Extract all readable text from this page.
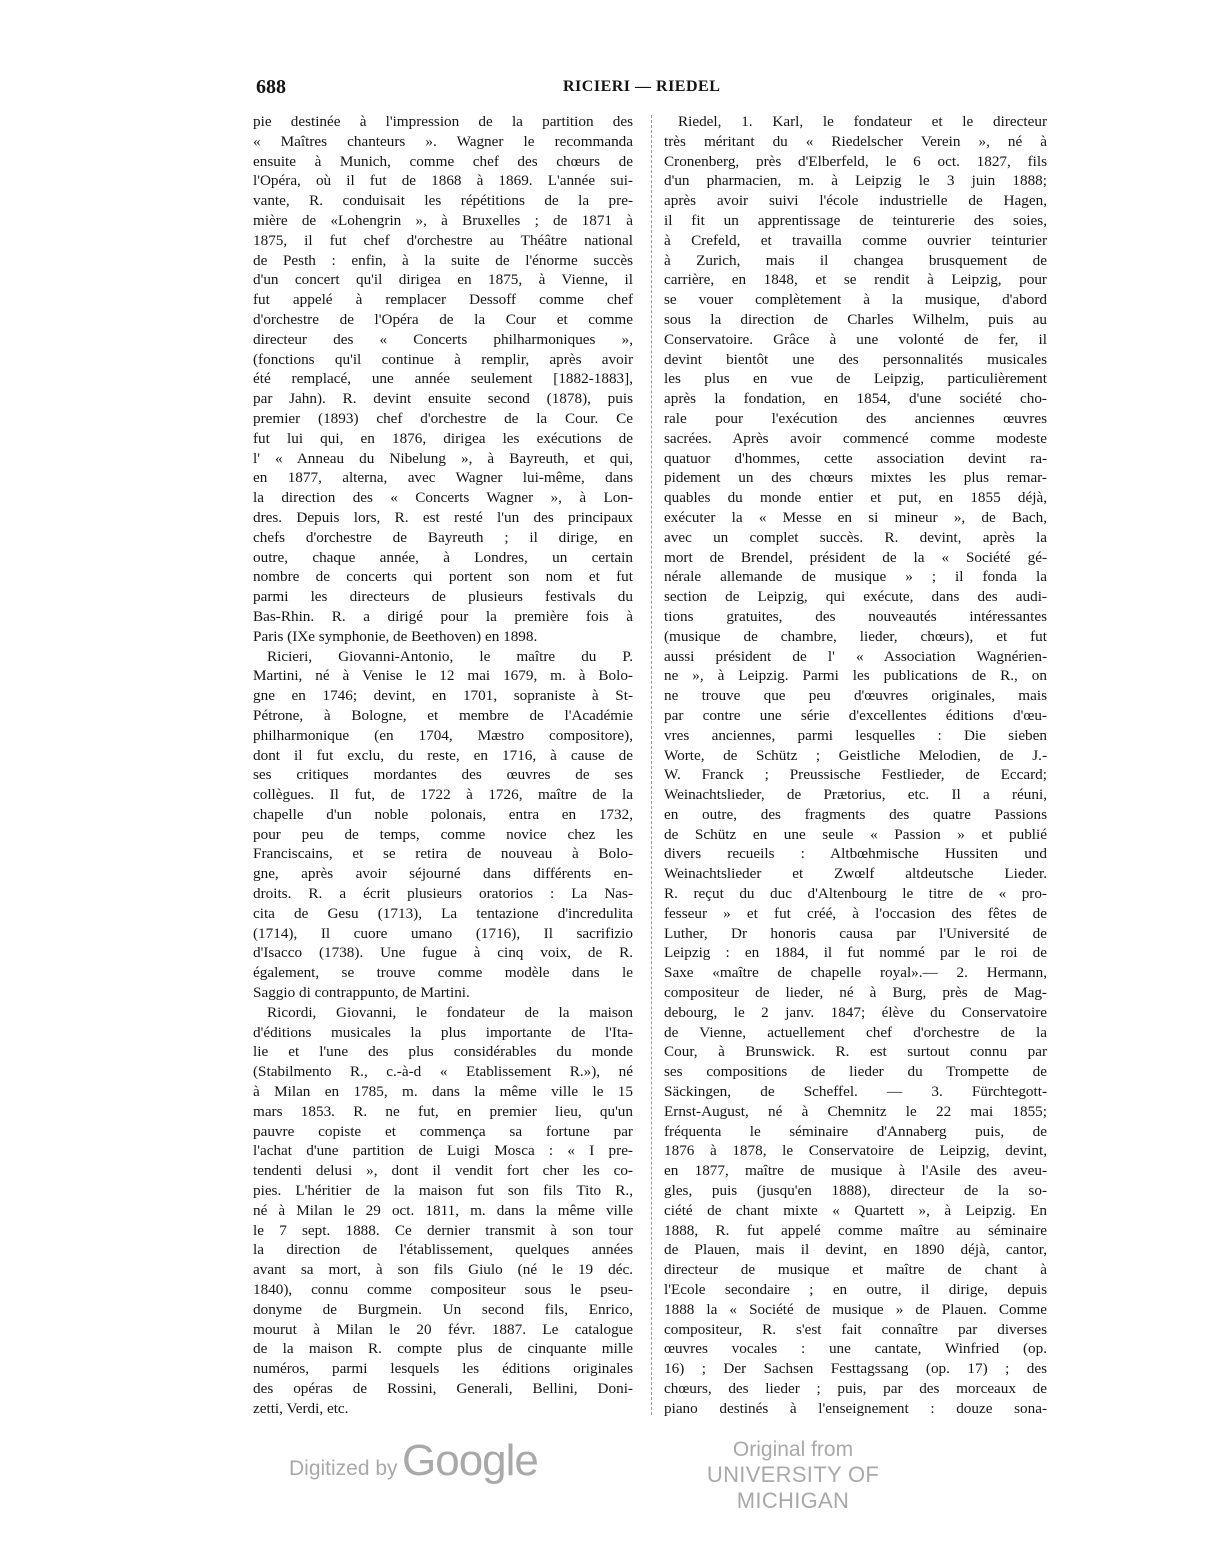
688	RICIERI — RIEDEL
pie destinée à l'impression de la partition des
« Maîtres chanteurs ». Wagner le recommanda
ensuite à Munich, comme chef des chœurs de
l'Opéra, où il fut de 1868 à 1869. L'année sui-
vante, R. conduisait les répétitions de la pre-
mière de «Lohengrin », à Bruxelles ; de 1871 à
1875, il fut chef d'orchestre au Théâtre national
de Pesth : enfin, à la suite de l'énorme succès
d'un concert qu'il dirigea en 1875, à Vienne, il
fut appelé à remplacer Dessoff comme chef
d'orchestre de l'Opéra de la Cour et comme
directeur des « Concerts philharmoniques »,
(fonctions qu'il continue à remplir, après avoir
été remplacé, une année seulement [1882-1883],
par Jahn). R. devint ensuite second (1878), puis
premier (1893) chef d'orchestre de la Cour. Ce
fut lui qui, en 1876, dirigea les exécutions de
l' « Anneau du Nibelung », à Bayreuth, et qui,
en 1877, alterna, avec Wagner lui-même, dans
la direction des « Concerts Wagner », à Lon-
dres. Depuis lors, R. est resté l'un des principaux
chefs d'orchestre de Bayreuth ; il dirige, en
outre, chaque année, à Londres, un certain
nombre de concerts qui portent son nom et fut
parmi les directeurs de plusieurs festivals du
Bas-Rhin. R. a dirigé pour la première fois à
Paris (IXe symphonie, de Beethoven) en 1898.
Ricieri, Giovanni-Antonio, le maître du P.
Martini, né à Venise le 12 mai 1679, m. à Bolo-
gne en 1746; devint, en 1701, sopraniste à St-
Pétrone, à Bologne, et membre de l'Académie
philharmonique (en 1704, Mæstro compositore),
dont il fut exclu, du reste, en 1716, à cause de
ses critiques mordantes des œuvres de ses
collègues. Il fut, de 1722 à 1726, maître de la
chapelle d'un noble polonais, entra en 1732,
pour peu de temps, comme novice chez les
Franciscains, et se retira de nouveau à Bolo-
gne, après avoir séjourné dans différents en-
droits. R. a écrit plusieurs oratorios : La Nas-
cita de Gesu (1713), La tentazione d'incredulita
(1714), Il cuore umano (1716), Il sacrifizio
d'Isacco (1738). Une fugue à cinq voix, de R.
également, se trouve comme modèle dans le
Saggio di contrappunto, de Martini.
Ricordi, Giovanni, le fondateur de la maison
d'éditions musicales la plus importante de l'Ita-
lie et l'une des plus considérables du monde
(Stabilmento R., c.-à-d « Etablissement R.»), né
à Milan en 1785, m. dans la même ville le 15
mars 1853. R. ne fut, en premier lieu, qu'un
pauvre copiste et commença sa fortune par
l'achat d'une partition de Luigi Mosca : « I pre-
tendenti delusi », dont il vendit fort cher les co-
pies. L'héritier de la maison fut son fils Tito R.,
né à Milan le 29 oct. 1811, m. dans la même ville
le 7 sept. 1888. Ce dernier transmit à son tour
la direction de l'établissement, quelques années
avant sa mort, à son fils Giulo (né le 19 déc.
1840), connu comme compositeur sous le pseu-
donyme de Burgmein. Un second fils, Enrico,
mourut à Milan le 20 févr. 1887. Le catalogue
de la maison R. compte plus de cinquante mille
numéros, parmi lesquels les éditions originales
des opéras de Rossini, Generali, Bellini, Doni-
zetti, Verdi, etc.
Riedel, 1. Karl, le fondateur et le directeur
très méritant du « Riedelscher Verein », né à
Cronenberg, près d'Elberfeld, le 6 oct. 1827, fils
d'un pharmacien, m. à Leipzig le 3 juin 1888;
après avoir suivi l'école industrielle de Hagen,
il fit un apprentissage de teinturerie des soies,
à Crefeld, et travailla comme ouvrier teinturier
à Zurich, mais il changea brusquement de
carrière, en 1848, et se rendit à Leipzig, pour
se vouer complètement à la musique, d'abord
sous la direction de Charles Wilhelm, puis au
Conservatoire. Grâce à une volonté de fer, il
devint bientôt une des personnalités musicales
les plus en vue de Leipzig, particulièrement
après la fondation, en 1854, d'une société cho-
rale pour l'exécution des anciennes œuvres
sacrées. Après avoir commencé comme modeste
quatuor d'hommes, cette association devint ra-
pidement un des chœurs mixtes les plus remar-
quables du monde entier et put, en 1855 déjà,
exécuter la « Messe en si mineur », de Bach,
avec un complet succès. R. devint, après la
mort de Brendel, président de la « Société gé-
nérale allemande de musique » ; il fonda la
section de Leipzig, qui exécute, dans des audi-
tions gratuites, des nouveautés intéressantes
(musique de chambre, lieder, chœurs), et fut
aussi président de l' « Association Wagnérien-
ne », à Leipzig. Parmi les publications de R., on
ne trouve que peu d'œuvres originales, mais
par contre une série d'excellentes éditions d'œu-
vres anciennes, parmi lesquelles : Die sieben
Worte, de Schütz ; Geistliche Melodien, de J.-
W. Franck ; Preussische Festlieder, de Eccard;
Weinachtslieder, de Prætorius, etc. Il a réuni,
en outre, des fragments des quatre Passions
de Schütz en une seule « Passion » et publié
divers recueils : Altbœhmische Hussiten und
Weinachtslieder et Zwœlf altdeutsche Lieder.
R. reçut du duc d'Altenbourg le titre de « pro-
fesseur » et fut créé, à l'occasion des fêtes de
Luther, Dr honoris causa par l'Université de
Leipzig : en 1884, il fut nommé par le roi de
Saxe «maître de chapelle royal».— 2. Hermann,
compositeur de lieder, né à Burg, près de Mag-
debourg, le 2 janv. 1847; élève du Conservatoire
de Vienne, actuellement chef d'orchestre de la
Cour, à Brunswick. R. est surtout connu par
ses compositions de lieder du Trompette de
Säckingen, de Scheffel. — 3. Fürchtegott-
Ernst-August, né à Chemnitz le 22 mai 1855;
fréquenta le séminaire d'Annaberg puis, de
1876 à 1878, le Conservatoire de Leipzig, devint,
en 1877, maître de musique à l'Asile des aveu-
gles, puis (jusqu'en 1888), directeur de la so-
ciété de chant mixte « Quartett », à Leipzig. En
1888, R. fut appelé comme maître au séminaire
de Plauen, mais il devint, en 1890 déjà, cantor,
directeur de musique et maître de chant à
l'Ecole secondaire ; en outre, il dirige, depuis
1888 la « Société de musique » de Plauen. Comme
compositeur, R. s'est fait connaître par diverses
œuvres vocales : une cantate, Winfried (op.
16) ; Der Sachsen Festtagssang (op. 17) ; des
chœurs, des lieder ; puis, par des morceaux de
piano destinés à l'enseignement : douze sona-
Digitized by Google	Original from
UNIVERSITY OF MICHIGAN
